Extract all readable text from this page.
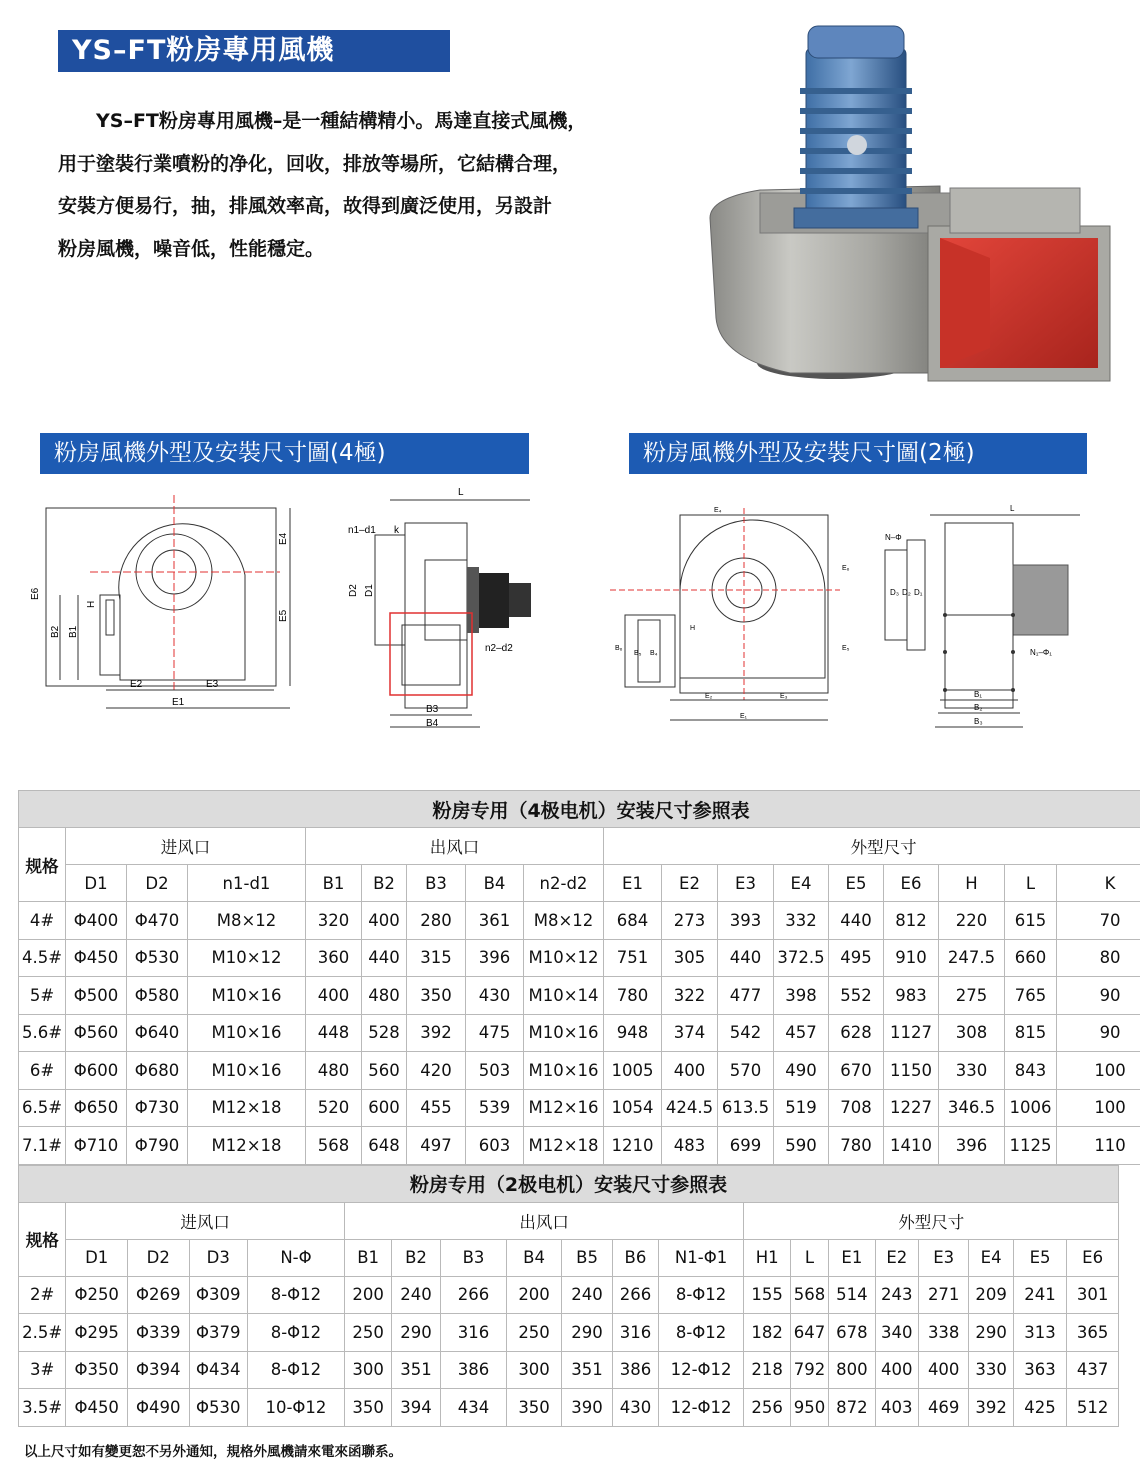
YS–FT粉房專用風機

　　YS–FT粉房專用風機–是一種結構精小。馬達直接式風機，

用于塗裝行業噴粉的净化，回收，排放等場所，它結構合理，

安裝方便易行，抽，排風效率高，故得到廣泛使用，另設計

粉房風機，噪音低，性能穩定。

粉房風機外型及安裝尺寸圖(4極)	粉房風機外型及安裝尺寸圖(2極)
E6
B2 B1
H
E4
E5
E2	E3
E1
L
n1–d1 k
D2 D1
n2–d2
B3
B4
E₄
E₆
E₅
B₆
B₅ B₄
H
E₂	E₃
E₁
L
N–Φ
D₃ D₂ D₁
N₁–Φ₁
B₁
B₂
B₃
粉房专用（4极电机）安装尺寸参照表																	
规格	进风口			出风口					外型尺寸								
	D1	D2	n1-d1	B1	B2	B3	B4	n2-d2	E1	E2	E3	E4	E5	E6	H	L	K
4#	Φ400	Φ470	M8×12	320	400	280	361	M8×12	684	273	393	332	440	812	220	615	70
4.5#	Φ450	Φ530	M10×12	360	440	315	396	M10×12	751	305	440	372.5	495	910	247.5	660	80
5#	Φ500	Φ580	M10×16	400	480	350	430	M10×14	780	322	477	398	552	983	275	765	90
5.6#	Φ560	Φ640	M10×16	448	528	392	475	M10×16	948	374	542	457	628	1127	308	815	90
6#	Φ600	Φ680	M10×16	480	560	420	503	M10×16	1005	400	570	490	670	1150	330	843	100
6.5#	Φ650	Φ730	M12×18	520	600	455	539	M12×16	1054	424.5	613.5	519	708	1227	346.5	1006	100
7.1#	Φ710	Φ790	M12×18	568	648	497	603	M12×18	1210	483	699	590	780	1410	396	1125	110
粉房专用（2极电机）安装尺寸参照表																			
规格	进风口				出风口							外型尺寸							
	D1	D2	D3	N-Φ	B1	B2	B3	B4	B5	B6	N1-Φ1	H1	L	E1	E2	E3	E4	E5	E6
2#	Φ250	Φ269	Φ309	8-Φ12	200	240	266	200	240	266	8-Φ12	155	568	514	243	271	209	241	301
2.5#	Φ295	Φ339	Φ379	8-Φ12	250	290	316	250	290	316	8-Φ12	182	647	678	340	338	290	313	365
3#	Φ350	Φ394	Φ434	8-Φ12	300	351	386	300	351	386	12-Φ12	218	792	800	400	400	330	363	437
3.5#	Φ450	Φ490	Φ530	10-Φ12	350	394	434	350	390	430	12-Φ12	256	950	872	403	469	392	425	512
以上尺寸如有變更恕不另外通知，規格外風機請來電來函聯系。
